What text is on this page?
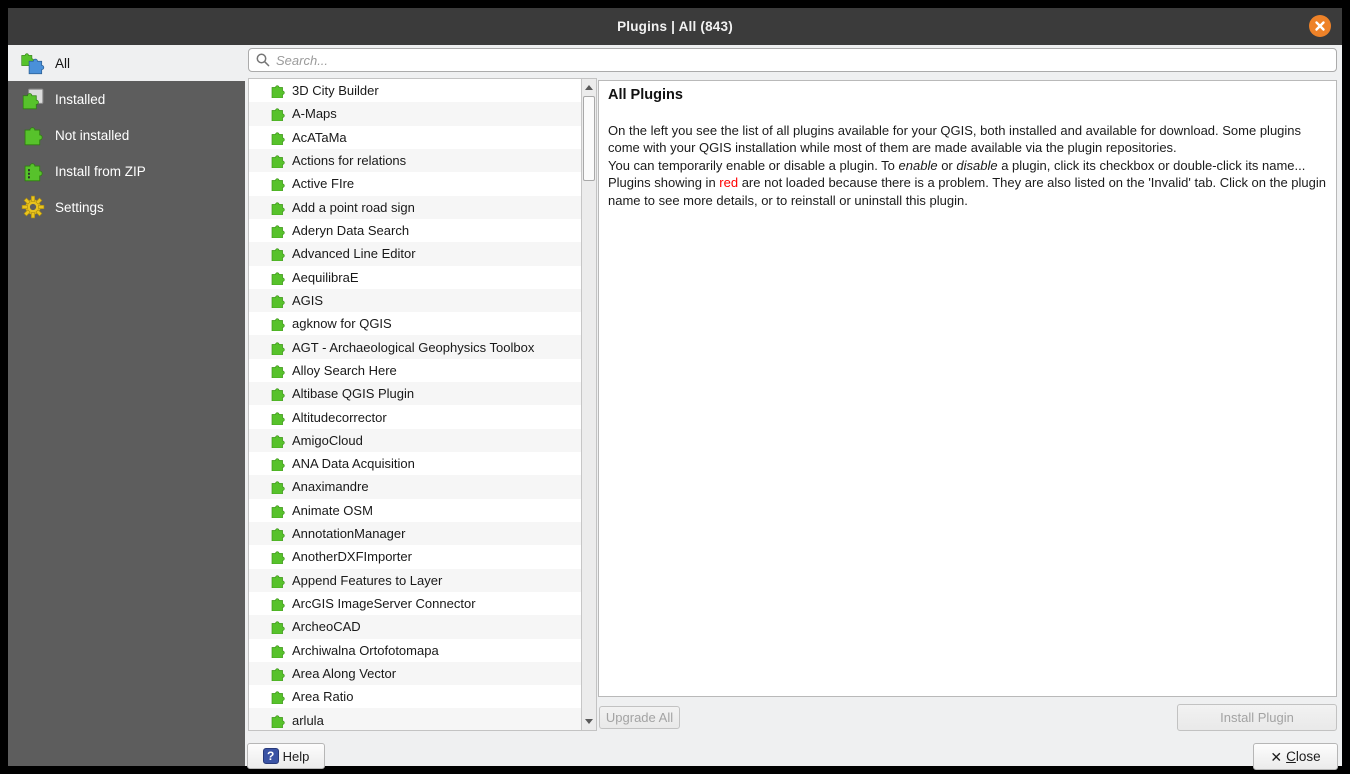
Plugins | All (843)
All
Installed
Not installed
Install from ZIP
Settings
Search...
3D City Builder
A-Maps
AcATaMa
Actions for relations
Active FIre
Add a point road sign
Aderyn Data Search
Advanced Line Editor
AequilibraE
AGIS
agknow for QGIS
AGT - Archaeological Geophysics Toolbox
Alloy Search Here
Altibase QGIS Plugin
Altitudecorrector
AmigoCloud
ANA Data Acquisition
Anaximandre
Animate OSM
AnnotationManager
AnotherDXFImporter
Append Features to Layer
ArcGIS ImageServer Connector
ArcheoCAD
Archiwalna Ortofotomapa
Area Along Vector
Area Ratio
arlula
All Plugins

On the left you see the list of all plugins available for your QGIS, both installed and available for download. Some plugins come with your QGIS installation while most of them are made available via the plugin repositories.

You can temporarily enable or disable a plugin. To enable or disable a plugin, click its checkbox or double-click its name...

Plugins showing in red are not loaded because there is a problem. They are also listed on the 'Invalid' tab. Click on the plugin name to see more details, or to reinstall or uninstall this plugin.

Upgrade All	Install Plugin
? Help	✕ Close
